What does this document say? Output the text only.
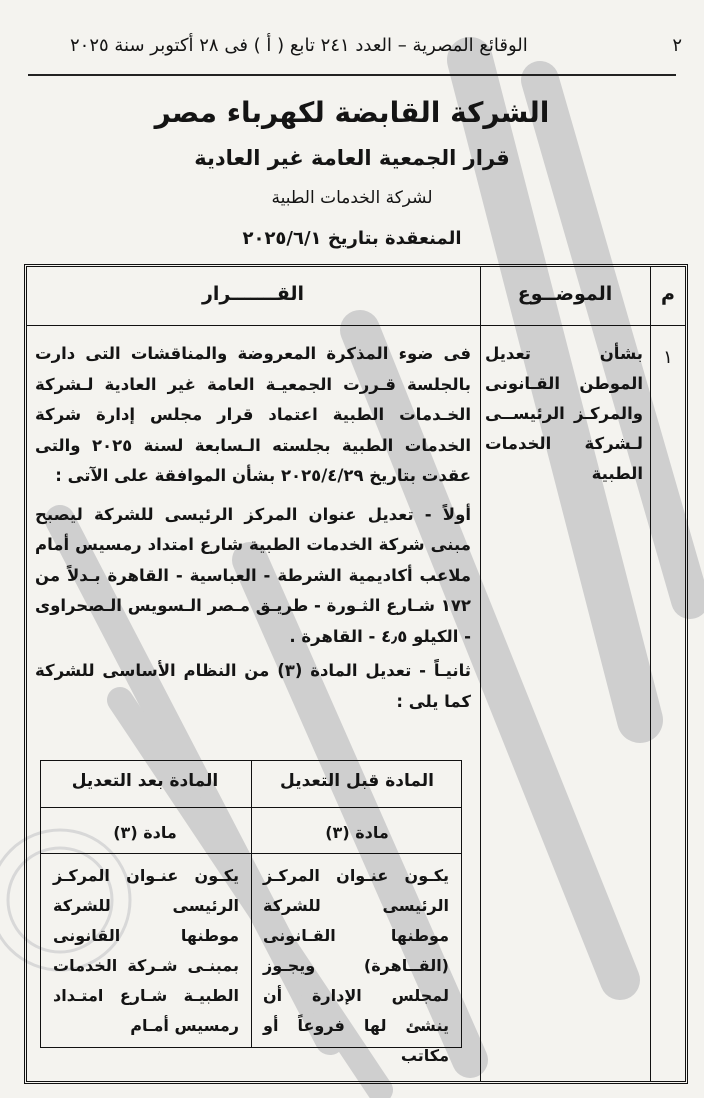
٢
الوقائع المصرية – العدد ٢٤١ تابع ( أ ) فى ٢٨ أكتوبر سنة ٢٠٢٥
الشركة القابضة لكهرباء مصر
قرار الجمعية العامة غير العادية
لشركة الخدمات الطبية
المنعقدة بتاريخ ٢٠٢٥/٦/١
م
الموضــوع
القـــــــرار
١
بشأن تعديل الموطن القـانونى والمركـز الرئيســى لـشركة الخدمات الطبية

فى ضوء المذكرة المعروضة والمناقشات التى دارت بالجلسة قـررت الجمعيـة العامة غير العادية لـشركة الخـدمات الطبية اعتماد قرار مجلس إدارة شركة الخدمات الطبية بجلسته الـسابعة لسنة ٢٠٢٥ والتى عقدت بتاريخ ٢٠٢٥/٤/٢٩ بشأن الموافقة على الآتى :

أولاً - تعديل عنوان المركز الرئيسى للشركة ليصبح مبنى شركة الخدمات الطبية شارع امتداد رمسيس أمام ملاعب أكاديمية الشرطة - العباسية - القاهرة بـدلاً من ١٧٢ شـارع الثـورة - طريـق مـصر الـسويس الـصحراوى - الكيلو ٤٫٥ - القاهرة .

ثانيـاً - تعديل المادة (٣) من النظام الأساسى للشركة كما يلى :

المادة قبل التعديل
المادة بعد التعديل
مادة (٣)
مادة (٣)
يكـون عنـوان المركـز الرئيسى للشركة موطنها القـانونى (القــاهرة) ويجـوز لمجلس الإدارة أن ينشئ لها فروعاً أو مكاتب
يكـون عنـوان المركـز الرئيسى للشركة موطنها القانونى بمبنـى شـركة الخدمات الطبيـة شـارع امتـداد رمسيس أمـام
